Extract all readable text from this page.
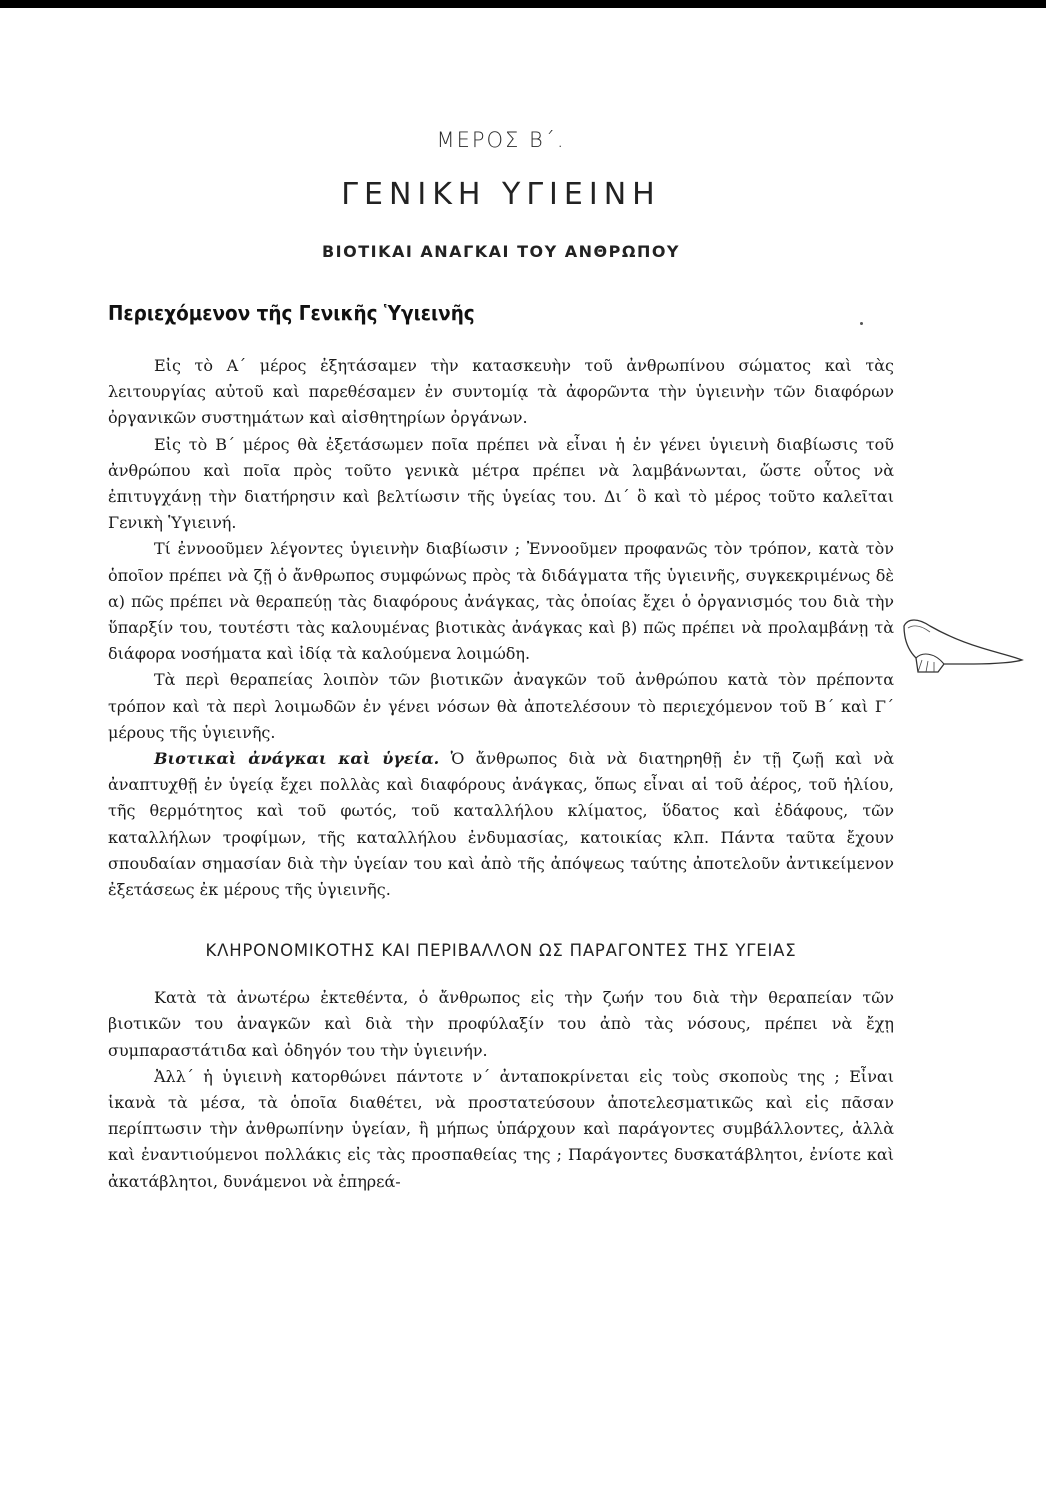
ΜΕΡΟΣ Β΄.
ΓΕΝΙΚΗ ΥΓΙΕΙΝΗ
ΒΙΟΤΙΚΑΙ ΑΝΑΓΚΑΙ ΤΟΥ ΑΝΘΡΩΠΟΥ
Περιεχόμενον τῆς Γενικῆς Ὑγιεινῆς

Εἰς τὸ Α΄ μέρος ἐξητάσαμεν τὴν κατασκευὴν τοῦ ἀνθρωπίνου σώματος καὶ τὰς λειτουργίας αὐτοῦ καὶ παρεθέσαμεν ἐν συντομίᾳ τὰ ἀφορῶντα τὴν ὑγιεινὴν τῶν διαφόρων ὀργανικῶν συστημάτων καὶ αἰσθητηρίων ὀργάνων.

Εἰς τὸ Β΄ μέρος θὰ ἐξετάσωμεν ποῖα πρέπει νὰ εἶναι ἡ ἐν γένει ὑγιεινὴ διαβίωσις τοῦ ἀνθρώπου καὶ ποῖα πρὸς τοῦτο γενικὰ μέτρα πρέπει νὰ λαμβάνωνται, ὥστε οὗτος νὰ ἐπιτυγχάνῃ τὴν διατήρησιν καὶ βελτίωσιν τῆς ὑγείας του. Δι΄ ὃ καὶ τὸ μέρος τοῦτο καλεῖται Γενικὴ Ὑγιεινή.

Τί ἐννοοῦμεν λέγοντες ὑγιεινὴν διαβίωσιν ; Ἐννοοῦμεν προφανῶς τὸν τρόπον, κατὰ τὸν ὁποῖον πρέπει νὰ ζῇ ὁ ἄνθρωπος συμφώνως πρὸς τὰ διδάγματα τῆς ὑγιεινῆς, συγκεκριμένως δὲ α) πῶς πρέπει νὰ θεραπεύῃ τὰς διαφόρους ἀνάγκας, τὰς ὁποίας ἔχει ὁ ὀργανισμός του διὰ τὴν ὕπαρξίν του, τουτέστι τὰς καλουμένας βιοτικὰς ἀνάγκας καὶ β) πῶς πρέπει νὰ προλαμβάνῃ τὰ διάφορα νοσήματα καὶ ἰδίᾳ τὰ καλούμενα λοιμώδη.

Τὰ περὶ θεραπείας λοιπὸν τῶν βιοτικῶν ἀναγκῶν τοῦ ἀνθρώπου κατὰ τὸν πρέποντα τρόπον καὶ τὰ περὶ λοιμωδῶν ἐν γένει νόσων θὰ ἀποτελέσουν τὸ περιεχόμενον τοῦ Β΄ καὶ Γ΄ μέρους τῆς ὑγιεινῆς.

Βιοτικαὶ ἀνάγκαι καὶ ὑγεία. Ὁ ἄνθρωπος διὰ νὰ διατηρηθῇ ἐν τῇ ζωῇ καὶ νὰ ἀναπτυχθῇ ἐν ὑγείᾳ ἔχει πολλὰς καὶ διαφόρους ἀνάγκας, ὅπως εἶναι αἱ τοῦ ἀέρος, τοῦ ἡλίου, τῆς θερμότητος καὶ τοῦ φωτός, τοῦ καταλλήλου κλίματος, ὕδατος καὶ ἐδάφους, τῶν καταλλήλων τροφίμων, τῆς καταλλήλου ἐνδυμασίας, κατοικίας κλπ. Πάντα ταῦτα ἔχουν σπουδαίαν σημασίαν διὰ τὴν ὑγείαν του καὶ ἀπὸ τῆς ἀπόψεως ταύτης ἀποτελοῦν ἀντικείμενον ἐξετάσεως ἐκ μέρους τῆς ὑγιεινῆς.

ΚΛΗΡΟΝΟΜΙΚΟΤΗΣ ΚΑΙ ΠΕΡΙΒΑΛΛΟΝ ΩΣ ΠΑΡΑΓΟΝΤΕΣ ΤΗΣ ΥΓΕΙΑΣ

Κατὰ τὰ ἀνωτέρω ἐκτεθέντα, ὁ ἄνθρωπος εἰς τὴν ζωήν του διὰ τὴν θεραπείαν τῶν βιοτικῶν του ἀναγκῶν καὶ διὰ τὴν προφύλαξίν του ἀπὸ τὰς νόσους, πρέπει νὰ ἔχῃ συμπαραστάτιδα καὶ ὁδηγόν του τὴν ὑγιεινήν.

Ἀλλ΄ ἡ ὑγιεινὴ κατορθώνει πάντοτε ν΄ ἀνταποκρίνεται εἰς τοὺς σκοποὺς της ; Εἶναι ἱκανὰ τὰ μέσα, τὰ ὁποῖα διαθέτει, νὰ προστατεύσουν ἀποτελεσματικῶς καὶ εἰς πᾶσαν περίπτωσιν τὴν ἀνθρωπίνην ὑγείαν, ἢ μήπως ὑπάρχουν καὶ παράγοντες συμβάλλοντες, ἀλλὰ καὶ ἐναντιούμενοι πολλάκις εἰς τὰς προσπαθείας της ; Παράγοντες δυσκατάβλητοι, ἐνίοτε καὶ ἀκατάβλητοι, δυνάμενοι νὰ ἐπηρεά-
